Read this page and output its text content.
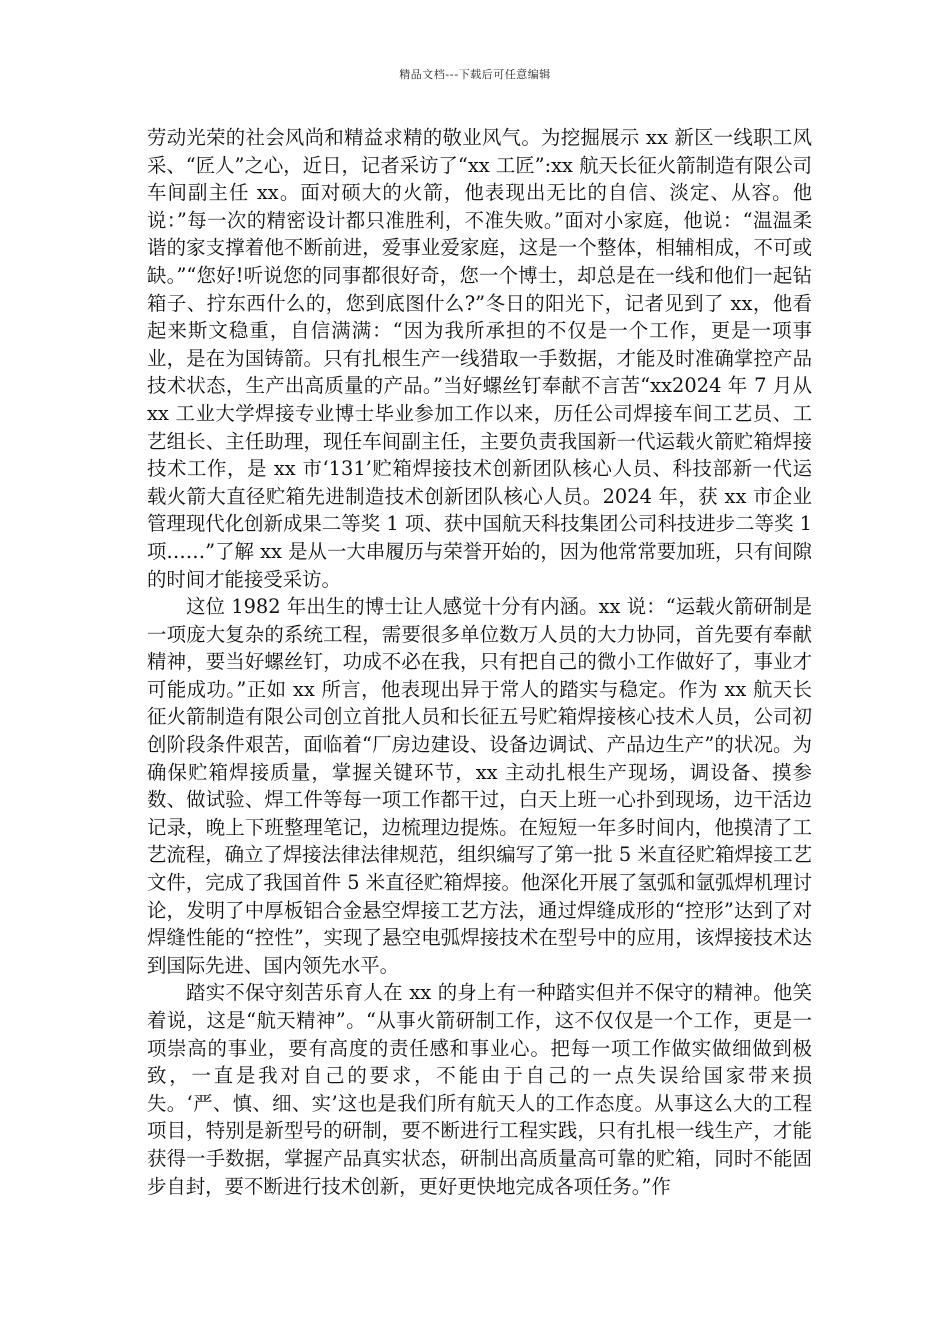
精品文档---下载后可任意编辑

劳动光荣的社会风尚和精益求精的敬业风气。为挖掘展示 xx 新区一线职工风采、“匠人”之心，近日，记者采访了“xx 工匠”:xx 航天长征火箭制造有限公司车间副主任 xx。面对硕大的火箭，他表现出无比的自信、淡定、从容。他说：”每一次的精密设计都只准胜利，不准失败。”面对小家庭，他说：“温温柔谐的家支撑着他不断前进，爱事业爱家庭，这是一个整体，相辅相成，不可或缺。”“您好!听说您的同事都很好奇，您一个博士，却总是在一线和他们一起钻箱子、拧东西什么的，您到底图什么?”冬日的阳光下，记者见到了 xx，他看起来斯文稳重，自信满满：“因为我所承担的不仅是一个工作，更是一项事业，是在为国铸箭。只有扎根生产一线猎取一手数据，才能及时准确掌控产品技术状态，生产出高质量的产品。”当好螺丝钉奉献不言苦“xx2024 年 7 月从 xx 工业大学焊接专业博士毕业参加工作以来，历任公司焊接车间工艺员、工艺组长、主任助理，现任车间副主任，主要负责我国新一代运载火箭贮箱焊接技术工作，是 xx 市‘131’贮箱焊接技术创新团队核心人员、科技部新一代运载火箭大直径贮箱先进制造技术创新团队核心人员。2024 年，获 xx 市企业管理现代化创新成果二等奖 1 项、获中国航天科技集团公司科技进步二等奖 1 项……”了解 xx 是从一大串履历与荣誉开始的，因为他常常要加班，只有间隙的时间才能接受采访。

这位 1982 年出生的博士让人感觉十分有内涵。xx 说：“运载火箭研制是一项庞大复杂的系统工程，需要很多单位数万人员的大力协同，首先要有奉献精神，要当好螺丝钉，功成不必在我，只有把自己的微小工作做好了，事业才可能成功。”正如 xx 所言，他表现出异于常人的踏实与稳定。作为 xx 航天长征火箭制造有限公司创立首批人员和长征五号贮箱焊接核心技术人员，公司初创阶段条件艰苦，面临着“厂房边建设、设备边调试、产品边生产”的状况。为确保贮箱焊接质量，掌握关键环节，xx 主动扎根生产现场，调设备、摸参数、做试验、焊工件等每一项工作都干过，白天上班一心扑到现场，边干活边记录，晚上下班整理笔记，边梳理边提炼。在短短一年多时间内，他摸清了工艺流程，确立了焊接法律法律规范，组织编写了第一批 5 米直径贮箱焊接工艺文件，完成了我国首件 5 米直径贮箱焊接。他深化开展了氢弧和氩弧焊机理讨论，发明了中厚板铝合金悬空焊接工艺方法，通过焊缝成形的“控形”达到了对焊缝性能的“控性”，实现了悬空电弧焊接技术在型号中的应用，该焊接技术达到国际先进、国内领先水平。

踏实不保守刻苦乐育人在 xx 的身上有一种踏实但并不保守的精神。他笑着说，这是“航天精神”。“从事火箭研制工作，这不仅仅是一个工作，更是一项崇高的事业，要有高度的责任感和事业心。把每一项工作做实做细做到极致，一直是我对自己的要求，不能由于自己的一点失误给国家带来损失。‘严、慎、细、实’这也是我们所有航天人的工作态度。从事这么大的工程项目，特别是新型号的研制，要不断进行工程实践，只有扎根一线生产，才能获得一手数据，掌握产品真实状态，研制出高质量高可靠的贮箱，同时不能固步自封，要不断进行技术创新，更好更快地完成各项任务。”作
